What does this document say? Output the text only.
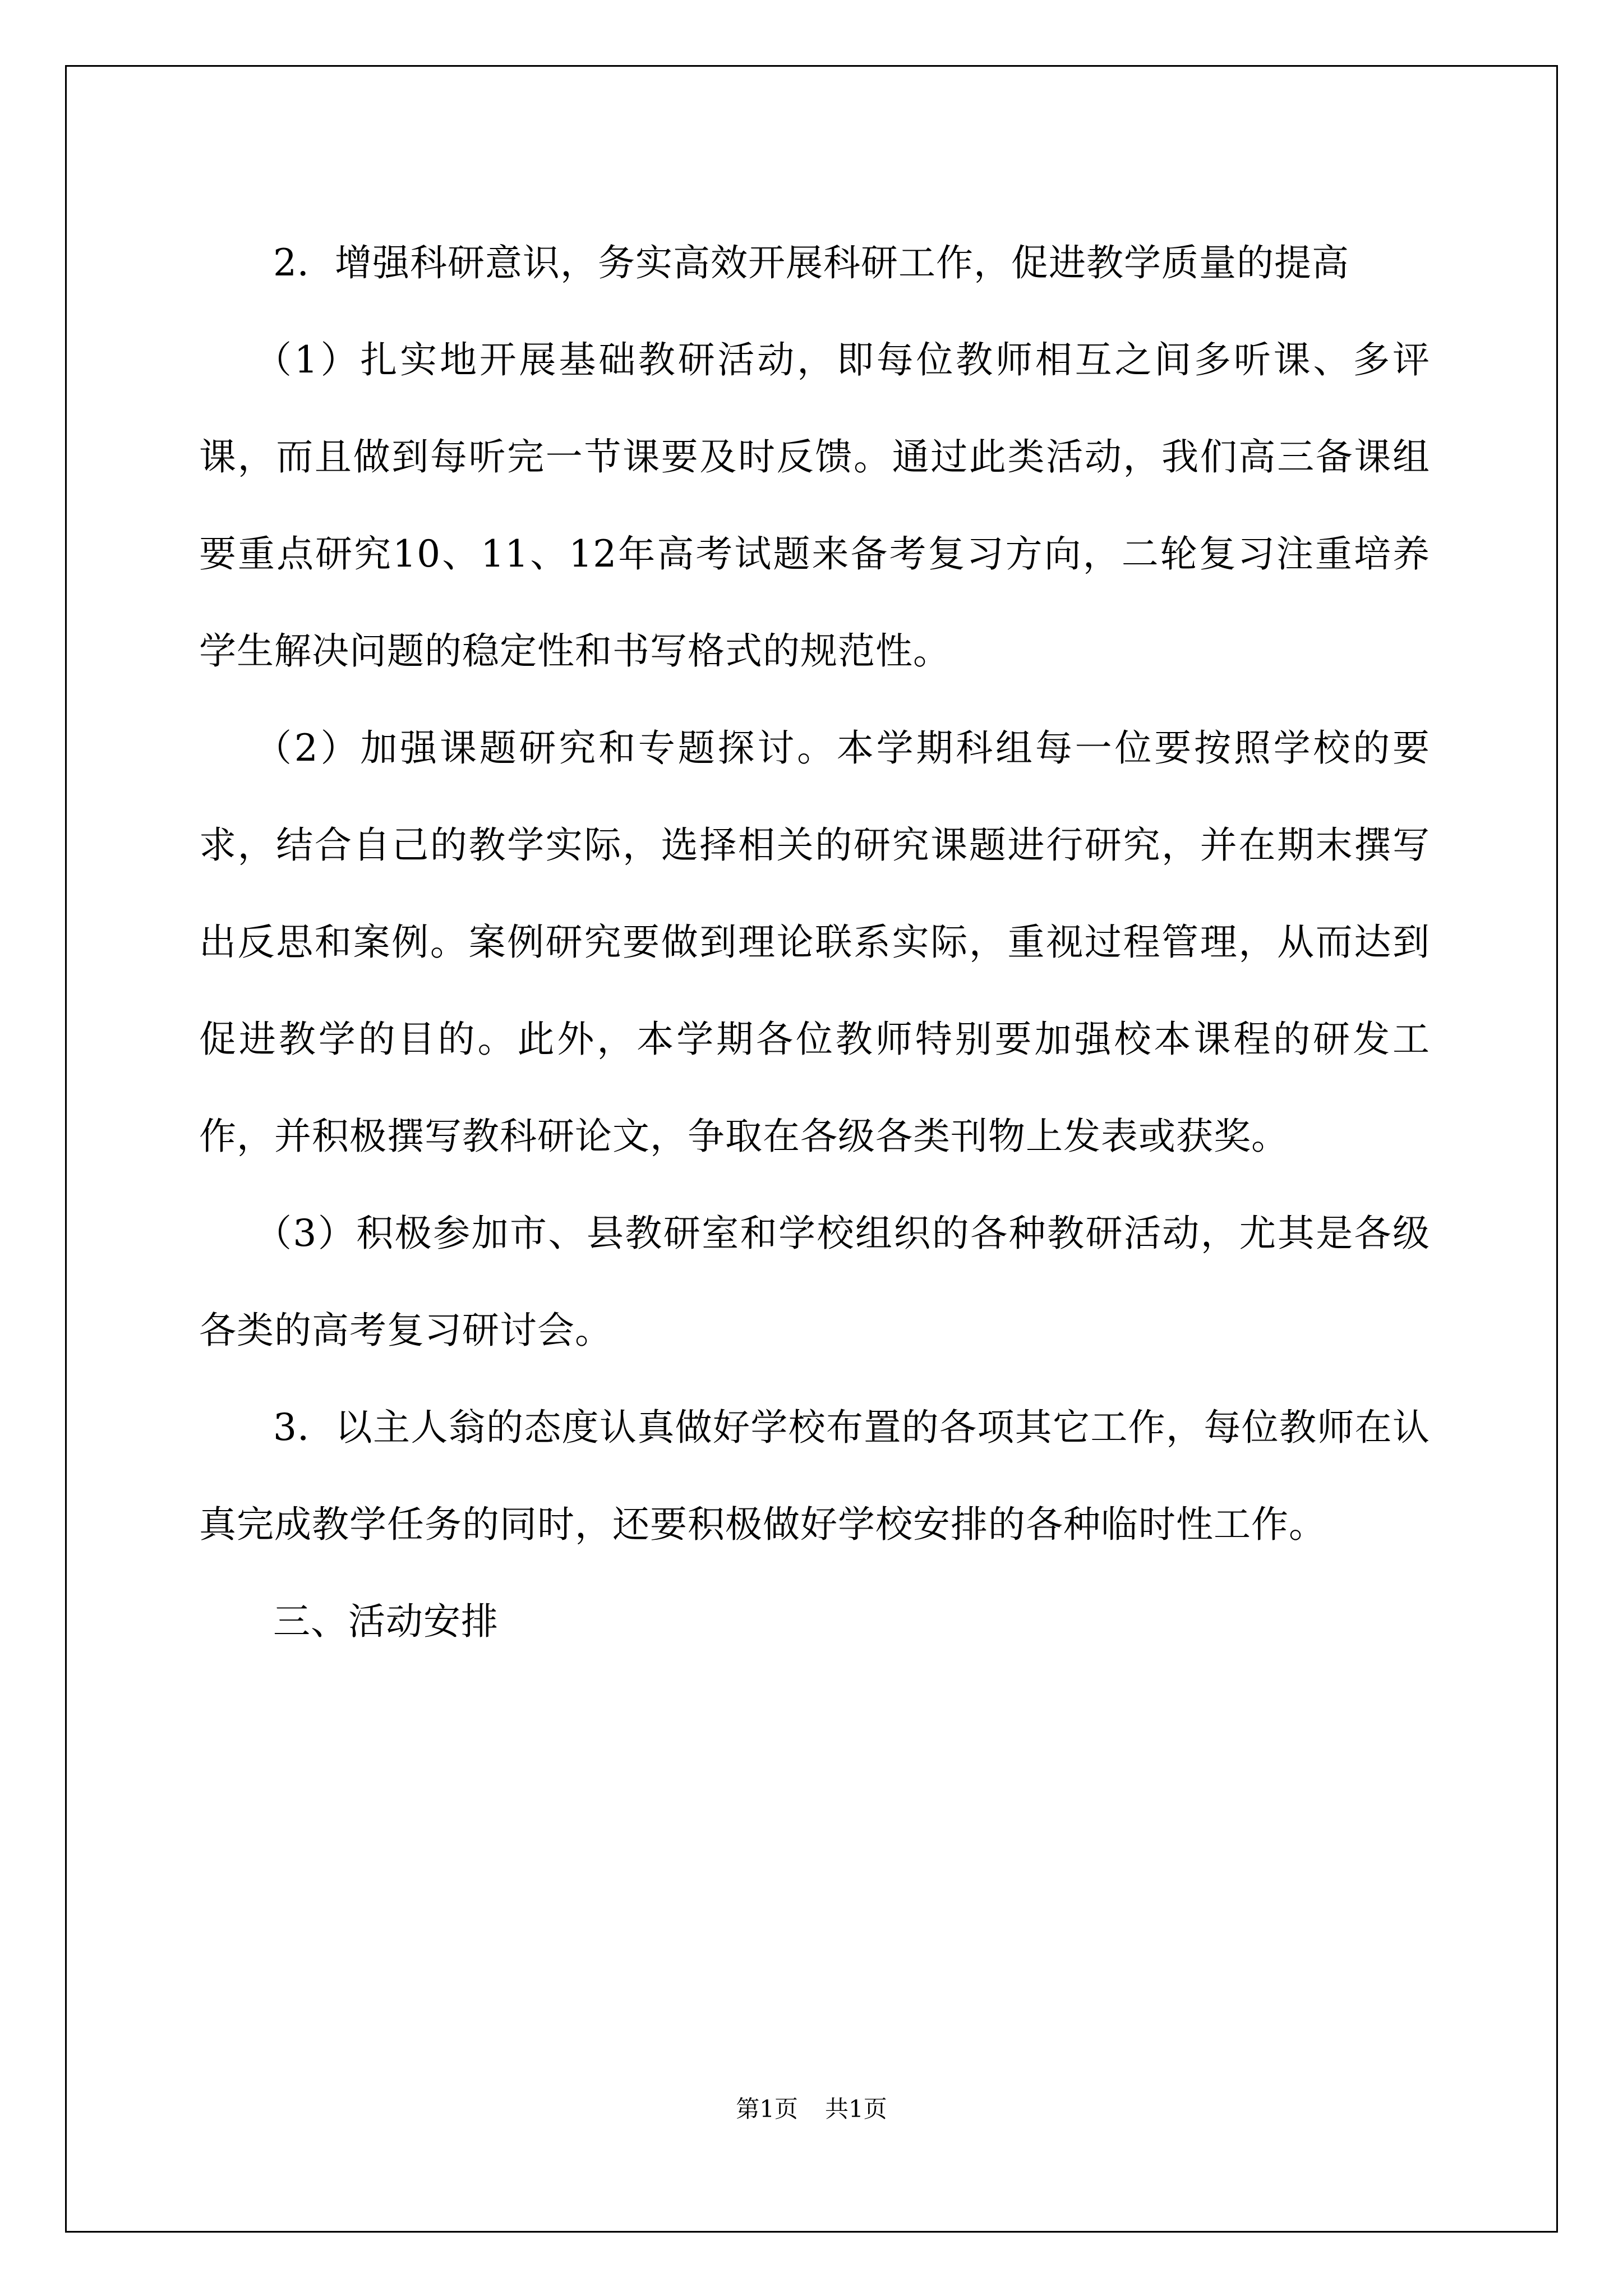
2．增强科研意识，务实高效开展科研工作，促进教学质量的提高

（1）扎实地开展基础教研活动，即每位教师相互之间多听课、多评课，而且做到每听完一节课要及时反馈。通过此类活动，我们高三备课组要重点研究10、11、12年高考试题来备考复习方向，二轮复习注重培养学生解决问题的稳定性和书写格式的规范性。

（2）加强课题研究和专题探讨。本学期科组每一位要按照学校的要求，结合自己的教学实际，选择相关的研究课题进行研究，并在期末撰写出反思和案例。案例研究要做到理论联系实际，重视过程管理，从而达到促进教学的目的。此外，本学期各位教师特别要加强校本课程的研发工作，并积极撰写教科研论文，争取在各级各类刊物上发表或获奖。

（3）积极参加市、县教研室和学校组织的各种教研活动，尤其是各级各类的高考复习研讨会。

3．以主人翁的态度认真做好学校布置的各项其它工作，每位教师在认真完成教学任务的同时，还要积极做好学校安排的各种临时性工作。

三、活动安排

第1页 共1页
